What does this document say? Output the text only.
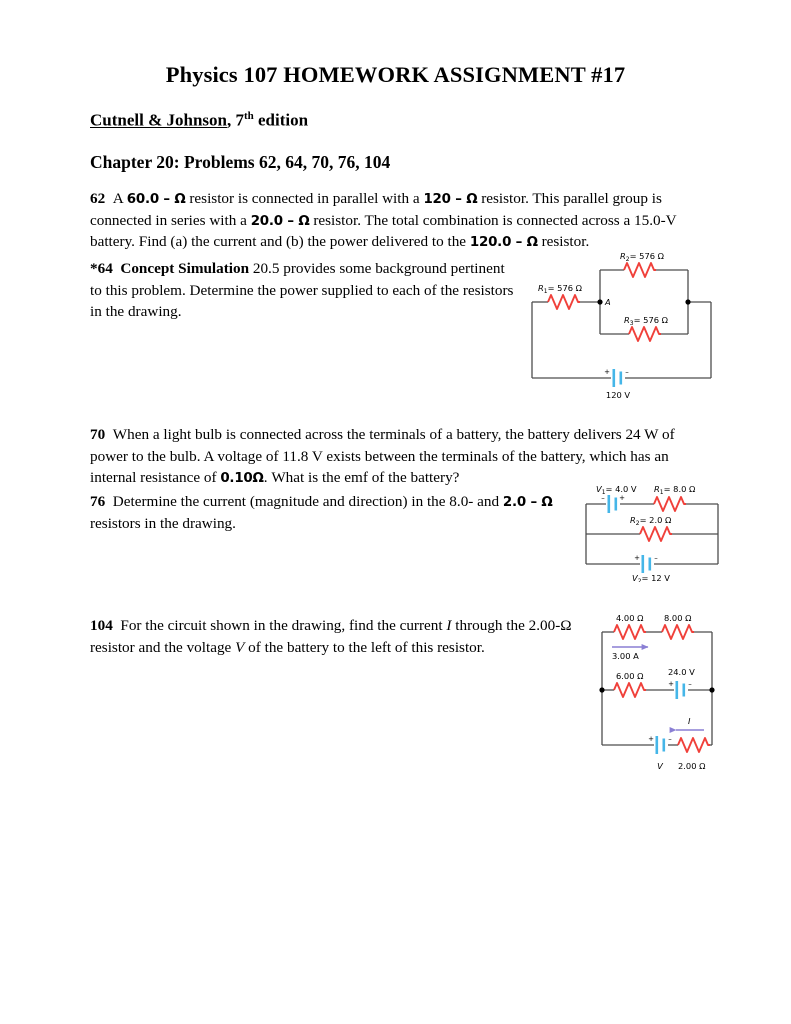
Physics 107 HOMEWORK ASSIGNMENT #17
Cutnell & Johnson, 7th edition
Chapter 20: Problems 62, 64, 70, 76, 104
62 A 60.0 – Ω resistor is connected in parallel with a 120 – Ω resistor. This parallel group is connected in series with a 20.0 – Ω resistor. The total combination is connected across a 15.0-V battery. Find (a) the current and (b) the power delivered to the 120.0 – Ω resistor.
*64 Concept Simulation 20.5 provides some background pertinent to this problem. Determine the power supplied to each of the resistors in the drawing.
+ –
120 V
$R_1= 576$ Ω
$R_2= 576$ Ω
$R_3= 576$ Ω
A
70 When a light bulb is connected across the terminals of a battery, the battery delivers 24 W of power to the bulb. A voltage of 11.8 V exists between the terminals of the battery, which has an internal resistance of 0.10Ω. What is the emf of the battery?
76 Determine the current (magnitude and direction) in the 8.0- and 2.0 – Ω resistors in the drawing.
– +
+ –
$V_1= 4.0$ V $R_1= 8.0$ Ω
$R_2= 2.0$ Ω
$V_2= 12$ V
104 For the circuit shown in the drawing, find the current I through the 2.00-Ω resistor and the voltage V of the battery to the left of this resistor.
+ –
+ –
4.00 Ω 8.00 Ω
3.00 A
6.00 Ω	24.0 V
I
V 2.00 Ω
